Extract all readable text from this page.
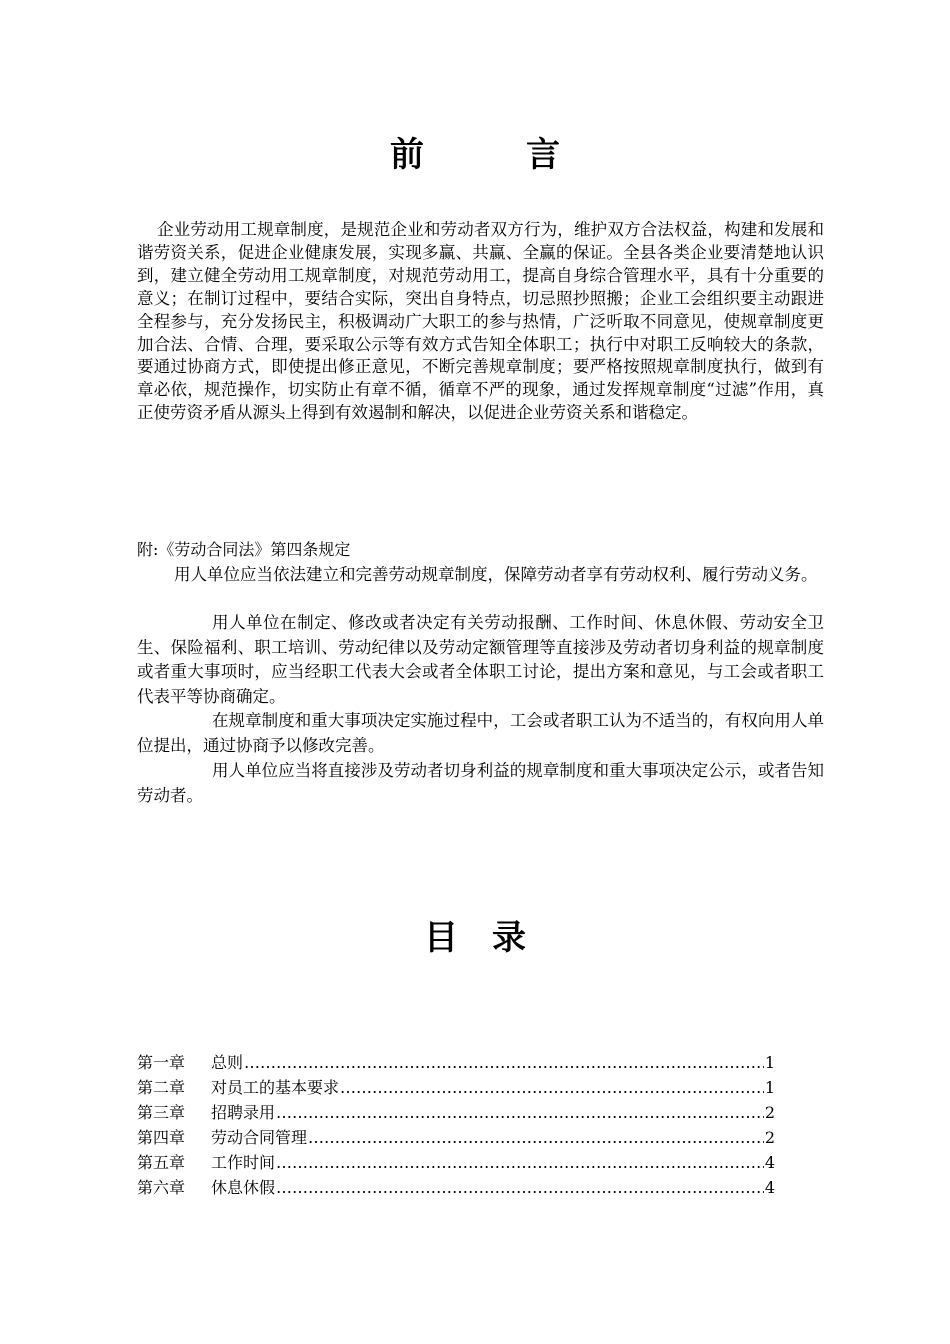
前　　　言

企业劳动用工规章制度，是规范企业和劳动者双方行为，维护双方合法权益，构建和发展和谐劳资关系，促进企业健康发展，实现多赢、共赢、全赢的保证。全县各类企业要清楚地认识到，建立健全劳动用工规章制度，对规范劳动用工，提高自身综合管理水平，具有十分重要的意义；在制订过程中，要结合实际，突出自身特点，切忌照抄照搬；企业工会组织要主动跟进全程参与，充分发扬民主，积极调动广大职工的参与热情，广泛听取不同意见，使规章制度更加合法、合情、合理，要采取公示等有效方式告知全体职工；执行中对职工反响较大的条款，要通过协商方式，即使提出修正意见，不断完善规章制度；要严格按照规章制度执行，做到有章必依，规范操作，切实防止有章不循，循章不严的现象，通过发挥规章制度“过滤”作用，真正使劳资矛盾从源头上得到有效遏制和解决，以促进企业劳资关系和谐稳定。

附:《劳动合同法》第四条规定

用人单位应当依法建立和完善劳动规章制度，保障劳动者享有劳动权利、履行劳动义务。

用人单位在制定、修改或者决定有关劳动报酬、工作时间、休息休假、劳动安全卫生、保险福利、职工培训、劳动纪律以及劳动定额管理等直接涉及劳动者切身利益的规章制度或者重大事项时，应当经职工代表大会或者全体职工讨论，提出方案和意见，与工会或者职工代表平等协商确定。

在规章制度和重大事项决定实施过程中，工会或者职工认为不适当的，有权向用人单位提出，通过协商予以修改完善。

用人单位应当将直接涉及劳动者切身利益的规章制度和重大事项决定公示，或者告知劳动者。

目　录
第一章	总则 ……………………………………………………………………………………………………………………………………	1
第二章	对员工的基本要求 ……………………………………………………………………………………………………………………………………	1
第三章	招聘录用 ……………………………………………………………………………………………………………………………………	2
第四章	劳动合同管理 ……………………………………………………………………………………………………………………………………	2
第五章	工作时间 ……………………………………………………………………………………………………………………………………	4
第六章	休息休假 ……………………………………………………………………………………………………………………………………	4
